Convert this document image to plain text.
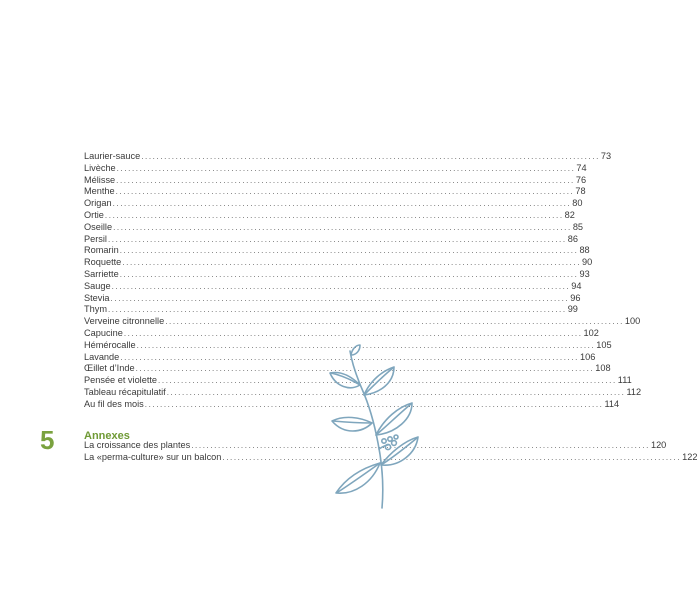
Laurier-sauce ........................................................................................................................ 73
Livèche ........................................................................................................................ 74
Mélisse ........................................................................................................................ 76
Menthe ........................................................................................................................ 78
Origan ........................................................................................................................ 80
Ortie ........................................................................................................................ 82
Oseille ........................................................................................................................ 85
Persil ........................................................................................................................ 86
Romarin ........................................................................................................................ 88
Roquette ........................................................................................................................ 90
Sarriette ........................................................................................................................ 93
Sauge ........................................................................................................................ 94
Stevia ........................................................................................................................ 96
Thym ........................................................................................................................ 99
Verveine citronnelle ........................................................................................................................ 100
Capucine ........................................................................................................................ 102
Hémérocalle ........................................................................................................................ 105
Lavande ........................................................................................................................ 106
Œillet d’Inde ........................................................................................................................ 108
Pensée et violette ........................................................................................................................ 111
Tableau récapitulatif ........................................................................................................................ 112
Au fil des mois ........................................................................................................................ 114
5	Annexes
La croissance des plantes ........................................................................................................................ 120
La «perma-culture» sur un balcon ........................................................................................................................ 122
